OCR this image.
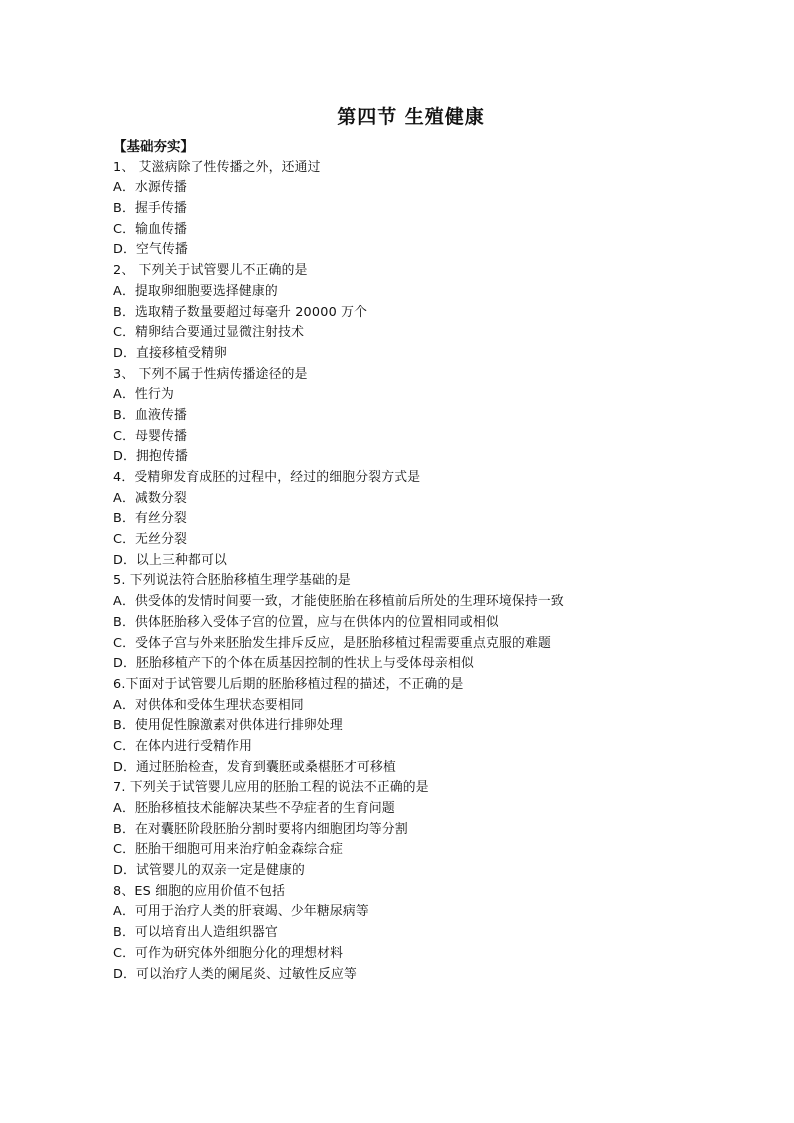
第四节 生殖健康
【基础夯实】
1、 艾滋病除了性传播之外，还通过
A．水源传播
B．握手传播
C．输血传播
D．空气传播
2、 下列关于试管婴儿不正确的是
A．提取卵细胞要选择健康的
B．选取精子数量要超过每毫升 20000 万个
C．精卵结合要通过显微注射技术
D．直接移植受精卵
3、 下列不属于性病传播途径的是
A．性行为
B．血液传播
C．母婴传播
D．拥抱传播
4．受精卵发育成胚的过程中，经过的细胞分裂方式是
A．减数分裂
B．有丝分裂
C．无丝分裂
D．以上三种都可以
5. 下列说法符合胚胎移植生理学基础的是
A．供受体的发情时间要一致，才能使胚胎在移植前后所处的生理环境保持一致
B．供体胚胎移入受体子宫的位置，应与在供体内的位置相同或相似
C．受体子宫与外来胚胎发生排斥反应，是胚胎移植过程需要重点克服的难题
D．胚胎移植产下的个体在质基因控制的性状上与受体母亲相似
6.下面对于试管婴儿后期的胚胎移植过程的描述，不正确的是
A．对供体和受体生理状态要相同
B．使用促性腺激素对供体进行排卵处理
C．在体内进行受精作用
D．通过胚胎检查，发育到囊胚或桑椹胚才可移植
7. 下列关于试管婴儿应用的胚胎工程的说法不正确的是
A．胚胎移植技术能解决某些不孕症者的生育问题
B．在对囊胚阶段胚胎分割时要将内细胞团均等分割
C．胚胎干细胞可用来治疗帕金森综合症
D．试管婴儿的双亲一定是健康的
8、ES 细胞的应用价值不包括
A．可用于治疗人类的肝衰竭、少年糖尿病等
B．可以培育出人造组织器官
C．可作为研究体外细胞分化的理想材料
D．可以治疗人类的阑尾炎、过敏性反应等
